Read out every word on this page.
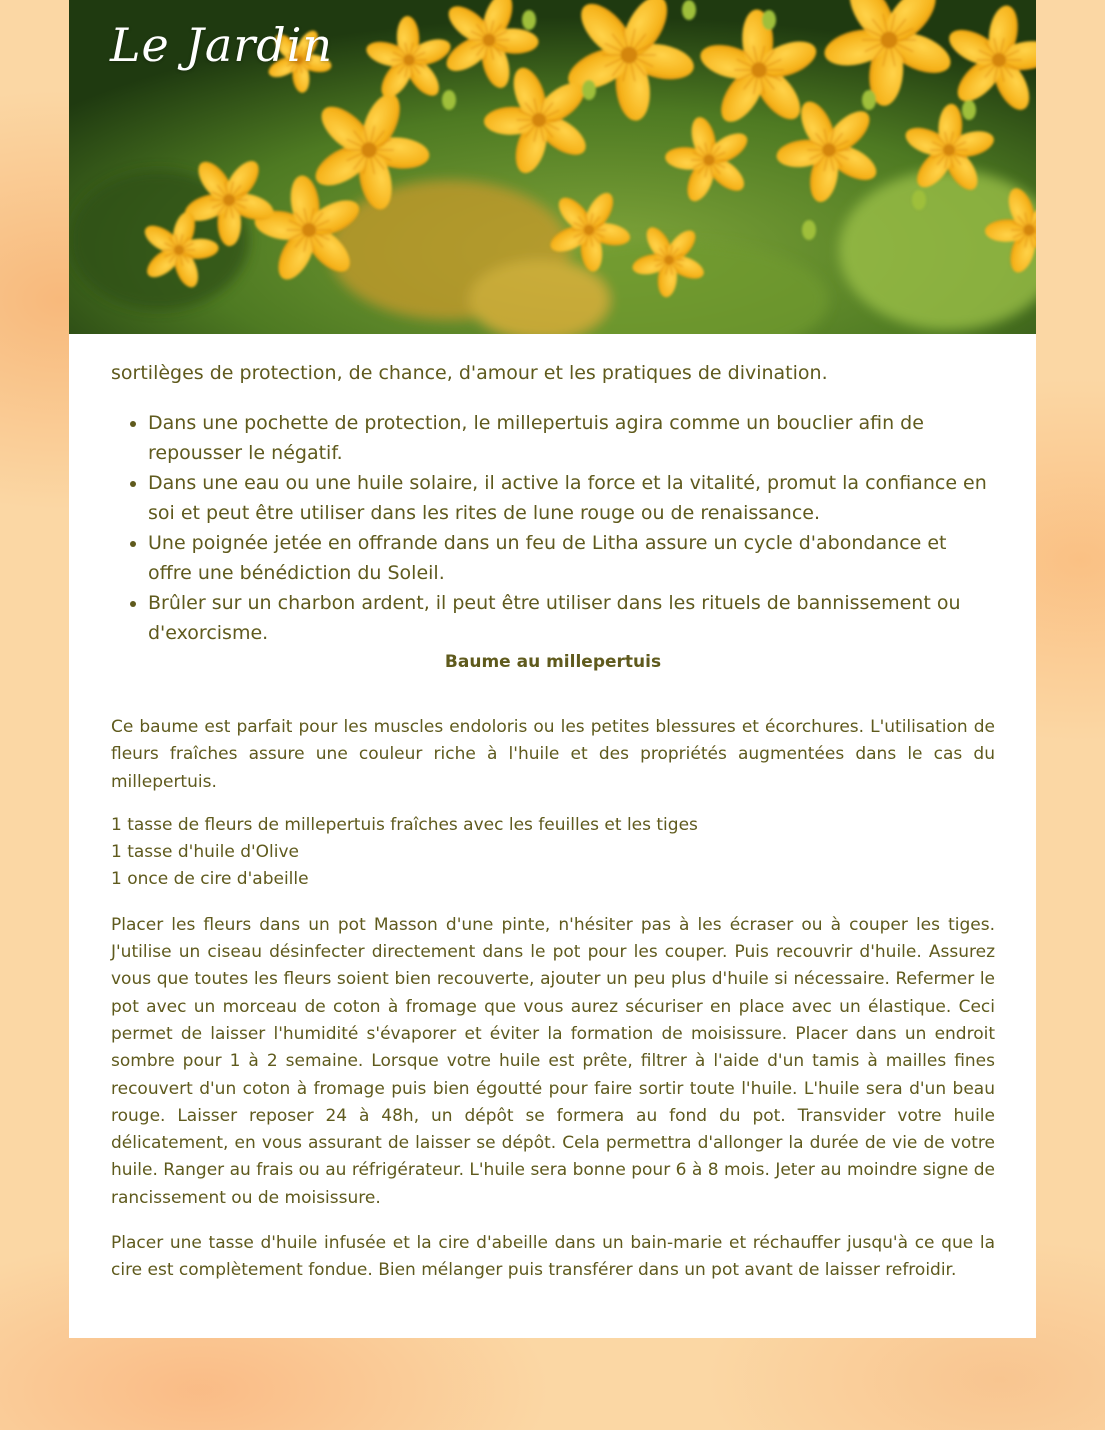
Le Jardin

sortilèges de protection, de chance, d'amour et les pratiques de divination.

• Dans une pochette de protection, le millepertuis agira comme un bouclier afin de repousser le négatif.
• Dans une eau ou une huile solaire, il active la force et la vitalité, promut la confiance en soi et peut être utiliser dans les rites de lune rouge ou de renaissance.
• Une poignée jetée en offrande dans un feu de Litha assure un cycle d'abondance et offre une bénédiction du Soleil.
• Brûler sur un charbon ardent, il peut être utiliser dans les rituels de bannissement ou d'exorcisme.
Baume au millepertuis

Ce baume est parfait pour les muscles endoloris ou les petites blessures et écorchures. L'utilisation de fleurs fraîches assure une couleur riche à l'huile et des propriétés augmentées dans le cas du millepertuis.

1 tasse de fleurs de millepertuis fraîches avec les feuilles et les tiges
1 tasse d'huile d'Olive
1 once de cire d'abeille

Placer les fleurs dans un pot Masson d'une pinte, n'hésiter pas à les écraser ou à couper les tiges. J'utilise un ciseau désinfecter directement dans le pot pour les couper. Puis recouvrir d'huile. Assurez vous que toutes les fleurs soient bien recouverte, ajouter un peu plus d'huile si nécessaire. Refermer le pot avec un morceau de coton à fromage que vous aurez sécuriser en place avec un élastique. Ceci permet de laisser l'humidité s'évaporer et éviter la formation de moisissure. Placer dans un endroit sombre pour 1 à 2 semaine. Lorsque votre huile est prête, filtrer à l'aide d'un tamis à mailles fines recouvert d'un coton à fromage puis bien égoutté pour faire sortir toute l'huile. L'huile sera d'un beau rouge. Laisser reposer 24 à 48h, un dépôt se formera au fond du pot. Transvider votre huile délicatement, en vous assurant de laisser se dépôt. Cela permettra d'allonger la durée de vie de votre huile. Ranger au frais ou au réfrigérateur. L'huile sera bonne pour 6 à 8 mois. Jeter au moindre signe de rancissement ou de moisissure.

Placer une tasse d'huile infusée et la cire d'abeille dans un bain-marie et réchauffer jusqu'à ce que la cire est complètement fondue. Bien mélanger puis transférer dans un pot avant de laisser refroidir.
